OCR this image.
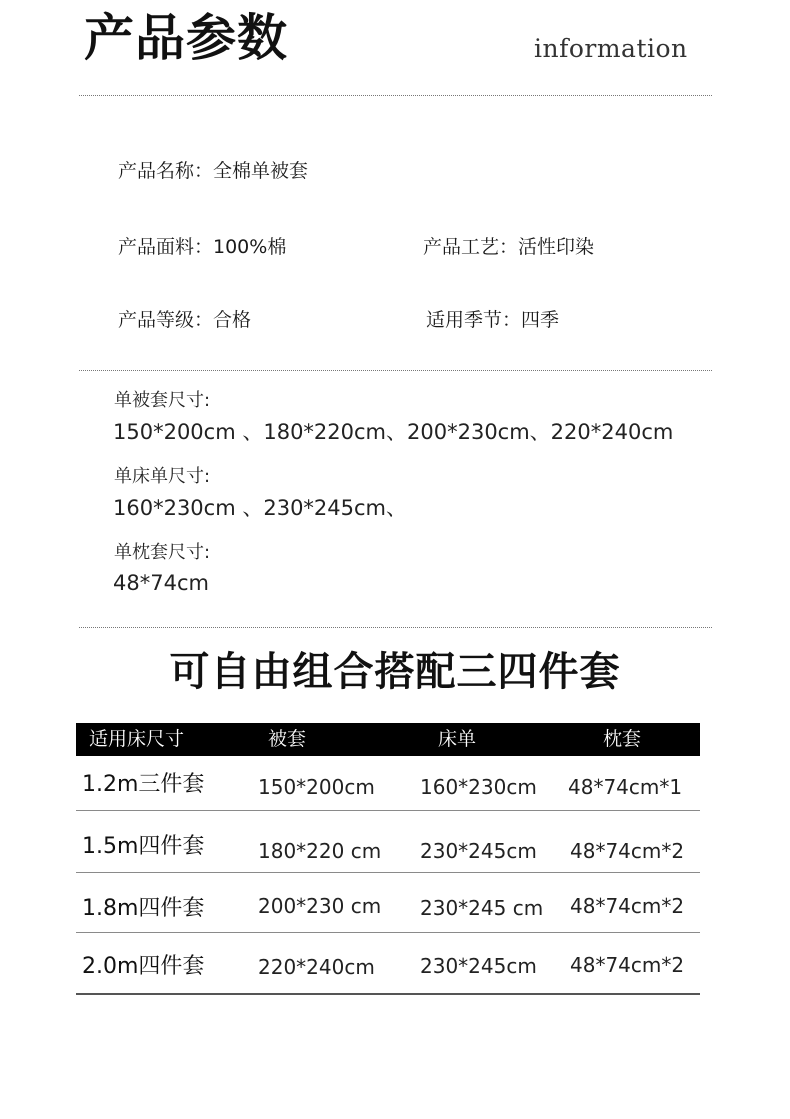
产品参数	information
产品名称：全棉单被套
产品面料：100%棉	产品工艺：活性印染
产品等级：合格	适用季节：四季
单被套尺寸:
150*200cm 、180*220cm、200*230cm、220*240cm
单床单尺寸:
160*230cm 、230*245cm、
单枕套尺寸:
48*74cm
可自由组合搭配三四件套
适用床尺寸	被套	床单	枕套
1.2m三件套	150*200cm 160*230cm 48*74cm*1
1.5m四件套	180*220 cm 230*245cm 48*74cm*2
1.8m四件套	200*230 cm 230*245 cm 48*74cm*2
2.0m四件套	220*240cm 230*245cm 48*74cm*2
